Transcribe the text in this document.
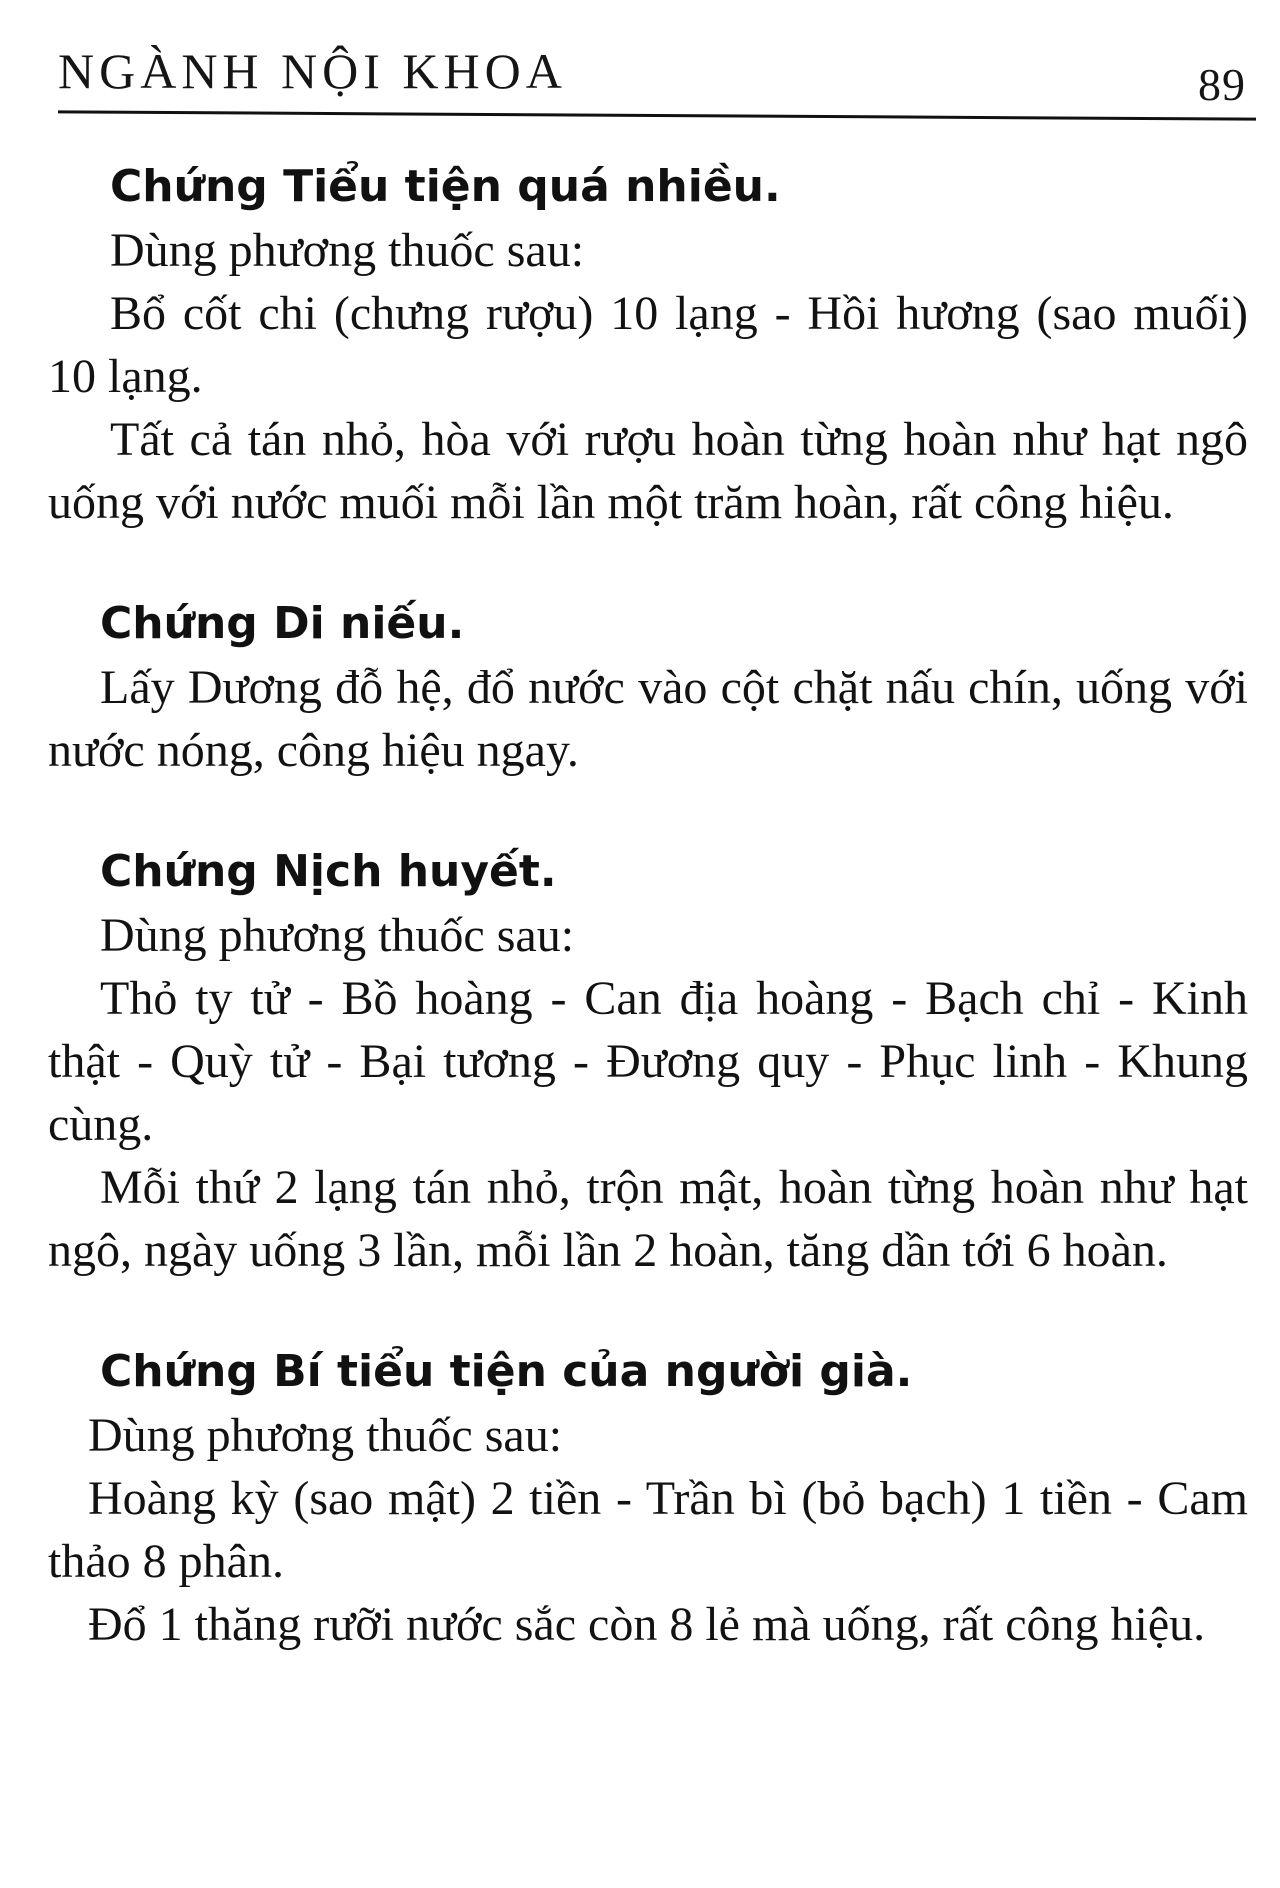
NGÀNH NỘI KHOA	89
Chứng Tiểu tiện quá nhiều.

Dùng phương thuốc sau:

Bổ cốt chi (chưng rượu) 10 lạng - Hồi hương (sao muối) 10 lạng.

Tất cả tán nhỏ, hòa với rượu hoàn từng hoàn như hạt ngô uống với nước muối mỗi lần một trăm hoàn, rất công hiệu.

Chứng Di niếu.

Lấy Dương đỗ hệ, đổ nước vào cột chặt nấu chín, uống với nước nóng, công hiệu ngay.

Chứng Nịch huyết.

Dùng phương thuốc sau:

Thỏ ty tử - Bồ hoàng - Can địa hoàng - Bạch chỉ - Kinh thật - Quỳ tử - Bại tương - Đương quy - Phục linh - Khung cùng.

Mỗi thứ 2 lạng tán nhỏ, trộn mật, hoàn từng hoàn như hạt ngô, ngày uống 3 lần, mỗi lần 2 hoàn, tăng dần tới 6 hoàn.

Chứng Bí tiểu tiện của người già.

Dùng phương thuốc sau:

Hoàng kỳ (sao mật) 2 tiền - Trần bì (bỏ bạch) 1 tiền - Cam thảo 8 phân.

Đổ 1 thăng rưỡi nước sắc còn 8 lẻ mà uống, rất công hiệu.
